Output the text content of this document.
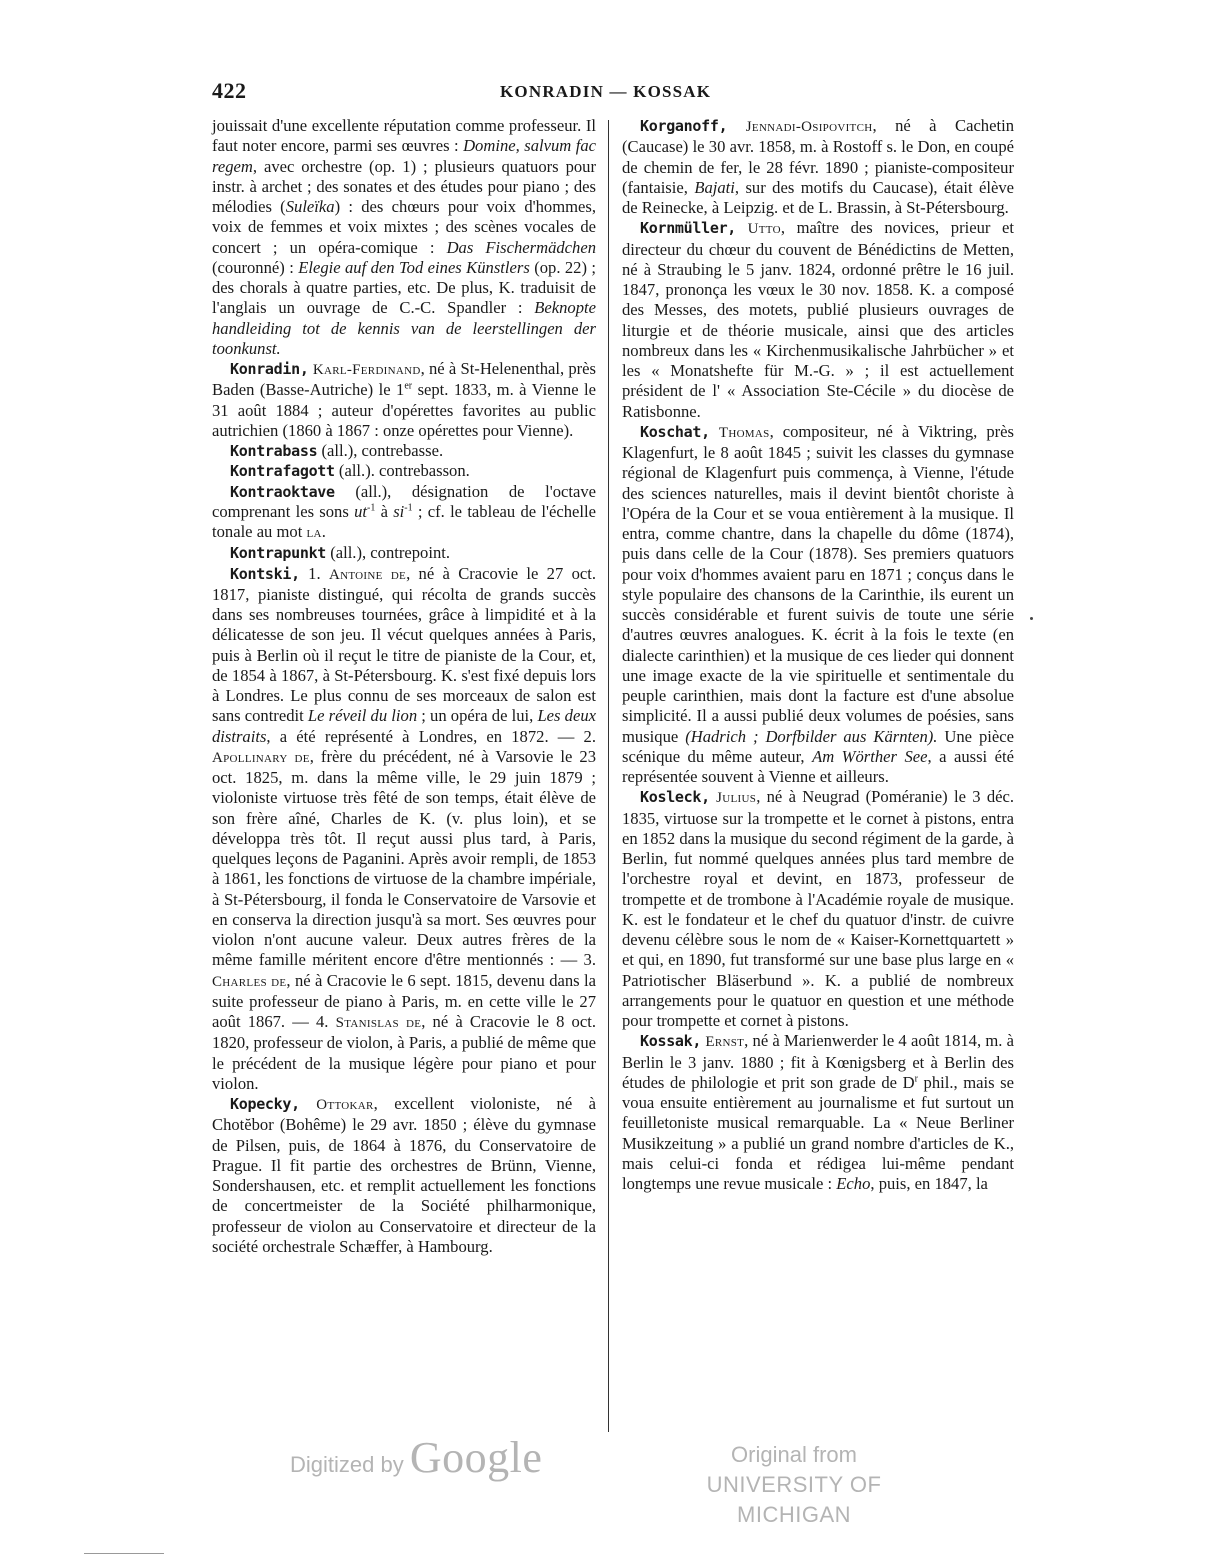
422	KONRADIN — KOSSAK

jouissait d'une excellente réputation comme professeur. Il faut noter encore, parmi ses œuvres : Domine, salvum fac regem, avec orchestre (op. 1) ; plusieurs quatuors pour instr. à archet ; des sonates et des études pour piano ; des mélodies (Suleïka) : des chœurs pour voix d'hommes, voix de femmes et voix mixtes ; des scènes vocales de concert ; un opéra-comique : Das Fischermädchen (couronné) : Elegie auf den Tod eines Künstlers (op. 22) ; des chorals à quatre parties, etc. De plus, K. traduisit de l'anglais un ouvrage de C.-C. Spandler : Beknopte handleiding tot de kennis van de leerstellingen der toonkunst.

Konradin, Karl-Ferdinand, né à St-Helenenthal, près Baden (Basse-Autriche) le 1er sept. 1833, m. à Vienne le 31 août 1884 ; auteur d'opérettes favorites au public autrichien (1860 à 1867 : onze opérettes pour Vienne).

Kontrabass (all.), contrebasse.

Kontrafagott (all.). contrebasson.

Kontraoktave (all.), désignation de l'octave comprenant les sons $ut^{-1}$ à $si^{-1}$ ; cf. le tableau de l'échelle tonale au mot la.

Kontrapunkt (all.), contrepoint.

Kontski, 1. Antoine de, né à Cracovie le 27 oct. 1817, pianiste distingué, qui récolta de grands succès dans ses nombreuses tournées, grâce à limpidité et à la délicatesse de son jeu. Il vécut quelques années à Paris, puis à Berlin où il reçut le titre de pianiste de la Cour, et, de 1854 à 1867, à St-Pétersbourg. K. s'est fixé depuis lors à Londres. Le plus connu de ses morceaux de salon est sans contredit Le réveil du lion ; un opéra de lui, Les deux distraits, a été représenté à Londres, en 1872. — 2. Apollinary de, frère du précédent, né à Varsovie le 23 oct. 1825, m. dans la même ville, le 29 juin 1879 ; violoniste virtuose très fêté de son temps, était élève de son frère aîné, Charles de K. (v. plus loin), et se développa très tôt. Il reçut aussi plus tard, à Paris, quelques leçons de Paganini. Après avoir rempli, de 1853 à 1861, les fonctions de virtuose de la chambre impériale, à St-Pétersbourg, il fonda le Conservatoire de Varsovie et en conserva la direction jusqu'à sa mort. Ses œuvres pour violon n'ont aucune valeur. Deux autres frères de la même famille méritent encore d'être mentionnés : — 3. Charles de, né à Cracovie le 6 sept. 1815, devenu dans la suite professeur de piano à Paris, m. en cette ville le 27 août 1867. — 4. Stanislas de, né à Cracovie le 8 oct. 1820, professeur de violon, à Paris, a publié de même que le précédent de la musique légère pour piano et pour violon.

Kopecky, Ottokar, excellent violoniste, né à Chotĕbor (Bohême) le 29 avr. 1850 ; élève du gymnase de Pilsen, puis, de 1864 à 1876, du Conservatoire de Prague. Il fit partie des orchestres de Brünn, Vienne, Sondershausen, etc. et remplit actuellement les fonctions de concertmeister de la Société philharmonique, professeur de violon au Conservatoire et directeur de la société orchestrale Schæffer, à Hambourg.

Korganoff, Jennadi-Osipovitch, né à Cachetin (Caucase) le 30 avr. 1858, m. à Rostoff s. le Don, en coupé de chemin de fer, le 28 févr. 1890 ; pianiste-compositeur (fantaisie, Bajati, sur des motifs du Caucase), était élève de Reinecke, à Leipzig. et de L. Brassin, à St-Pétersbourg.

Kornmüller, Utto, maître des novices, prieur et directeur du chœur du couvent de Bénédictins de Metten, né à Straubing le 5 janv. 1824, ordonné prêtre le 16 juil. 1847, prononça les vœux le 30 nov. 1858. K. a composé des Messes, des motets, publié plusieurs ouvrages de liturgie et de théorie musicale, ainsi que des articles nombreux dans les « Kirchenmusikalische Jahrbücher » et les « Monatshefte für M.-G. » ; il est actuellement président de l' « Association Ste-Cécile » du diocèse de Ratisbonne.

Koschat, Thomas, compositeur, né à Viktring, près Klagenfurt, le 8 août 1845 ; suivit les classes du gymnase régional de Klagenfurt puis commença, à Vienne, l'étude des sciences naturelles, mais il devint bientôt choriste à l'Opéra de la Cour et se voua entièrement à la musique. Il entra, comme chantre, dans la chapelle du dôme (1874), puis dans celle de la Cour (1878). Ses premiers quatuors pour voix d'hommes avaient paru en 1871 ; conçus dans le style populaire des chansons de la Carinthie, ils eurent un succès considérable et furent suivis de toute une série d'autres œuvres analogues. K. écrit à la fois le texte (en dialecte carinthien) et la musique de ces lieder qui donnent une image exacte de la vie spirituelle et sentimentale du peuple carinthien, mais dont la facture est d'une absolue simplicité. Il a aussi publié deux volumes de poésies, sans musique (Hadrich ; Dorfbilder aus Kärnten). Une pièce scénique du même auteur, Am Wörther See, a aussi été représentée souvent à Vienne et ailleurs.

Kosleck, Julius, né à Neugrad (Poméranie) le 3 déc. 1835, virtuose sur la trompette et le cornet à pistons, entra en 1852 dans la musique du second régiment de la garde, à Berlin, fut nommé quelques années plus tard membre de l'orchestre royal et devint, en 1873, professeur de trompette et de trombone à l'Académie royale de musique. K. est le fondateur et le chef du quatuor d'instr. de cuivre devenu célèbre sous le nom de « Kaiser-Kornettquartett » et qui, en 1890, fut transformé sur une base plus large en « Patriotischer Bläserbund ». K. a publié de nombreux arrangements pour le quatuor en question et une méthode pour trompette et cornet à pistons.

Kossak, Ernst, né à Marienwerder le 4 août 1814, m. à Berlin le 3 janv. 1880 ; fit à Kœnigsberg et à Berlin des études de philologie et prit son grade de $D^r$ phil., mais se voua ensuite entièrement au journalisme et fut surtout un feuilletoniste musical remarquable. La « Neue Berliner Musikzeitung » a publié un grand nombre d'articles de K., mais celui-ci fonda et rédigea lui-même pendant longtemps une revue musicale : Echo, puis, en 1847, la

Digitized by Google	Original from
UNIVERSITY OF MICHIGAN
